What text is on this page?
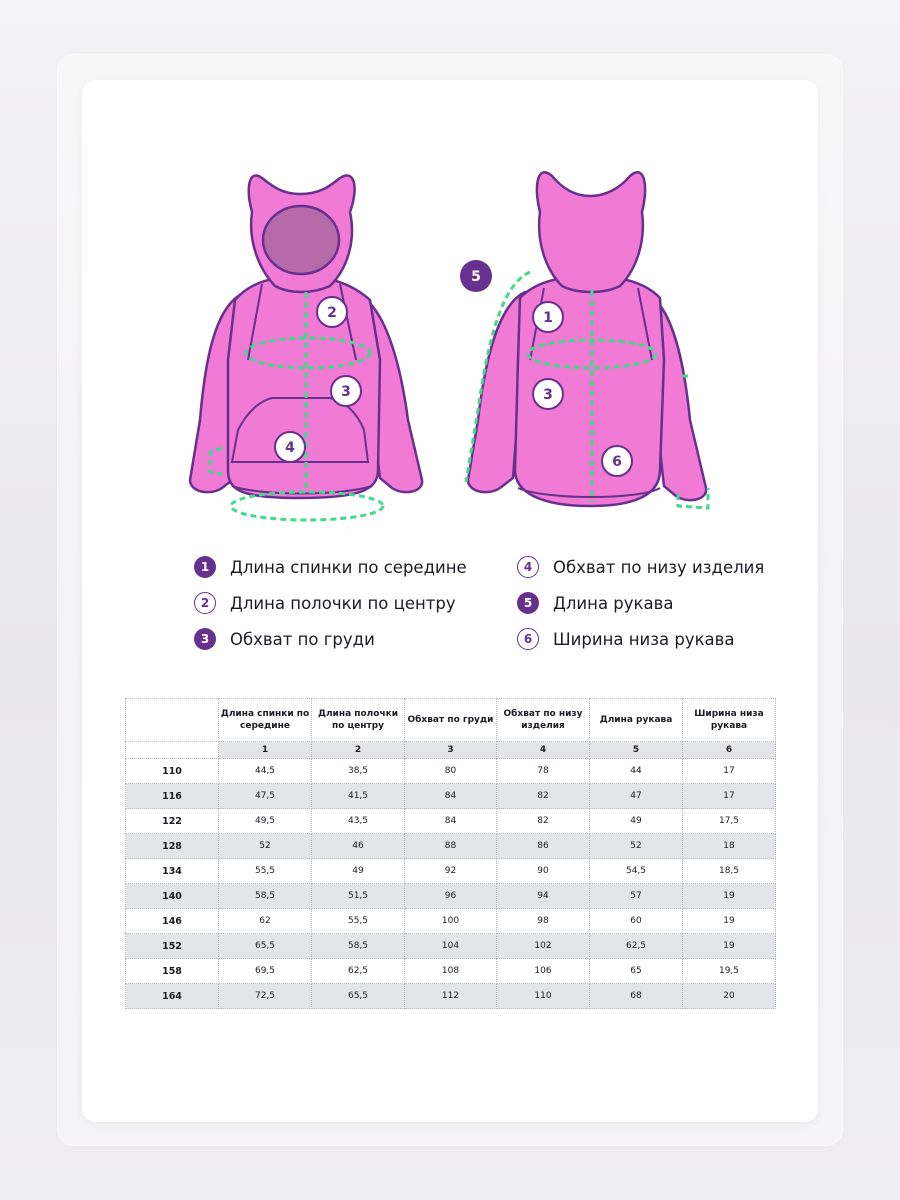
2
3
4
5
1
3
6
1	Длина спинки по середине
2	Длина полочки по центру
3	Обхват по груди
4	Обхват по низу изделия
5	Длина рукава
6	Ширина низа рукава
	Длина спинки по середине	Длина полочки по центру	Обхват по груди	Обхват по низу изделия	Длина рукава	Ширина низа рукава
	1	2	3	4	5	6
110	44,5	38,5	80	78	44	17
116	47,5	41,5	84	82	47	17
122	49,5	43,5	84	82	49	17,5
128	52	46	88	86	52	18
134	55,5	49	92	90	54,5	18,5
140	58,5	51,5	96	94	57	19
146	62	55,5	100	98	60	19
152	65,5	58,5	104	102	62,5	19
158	69,5	62,5	108	106	65	19,5
164	72,5	65,5	112	110	68	20
